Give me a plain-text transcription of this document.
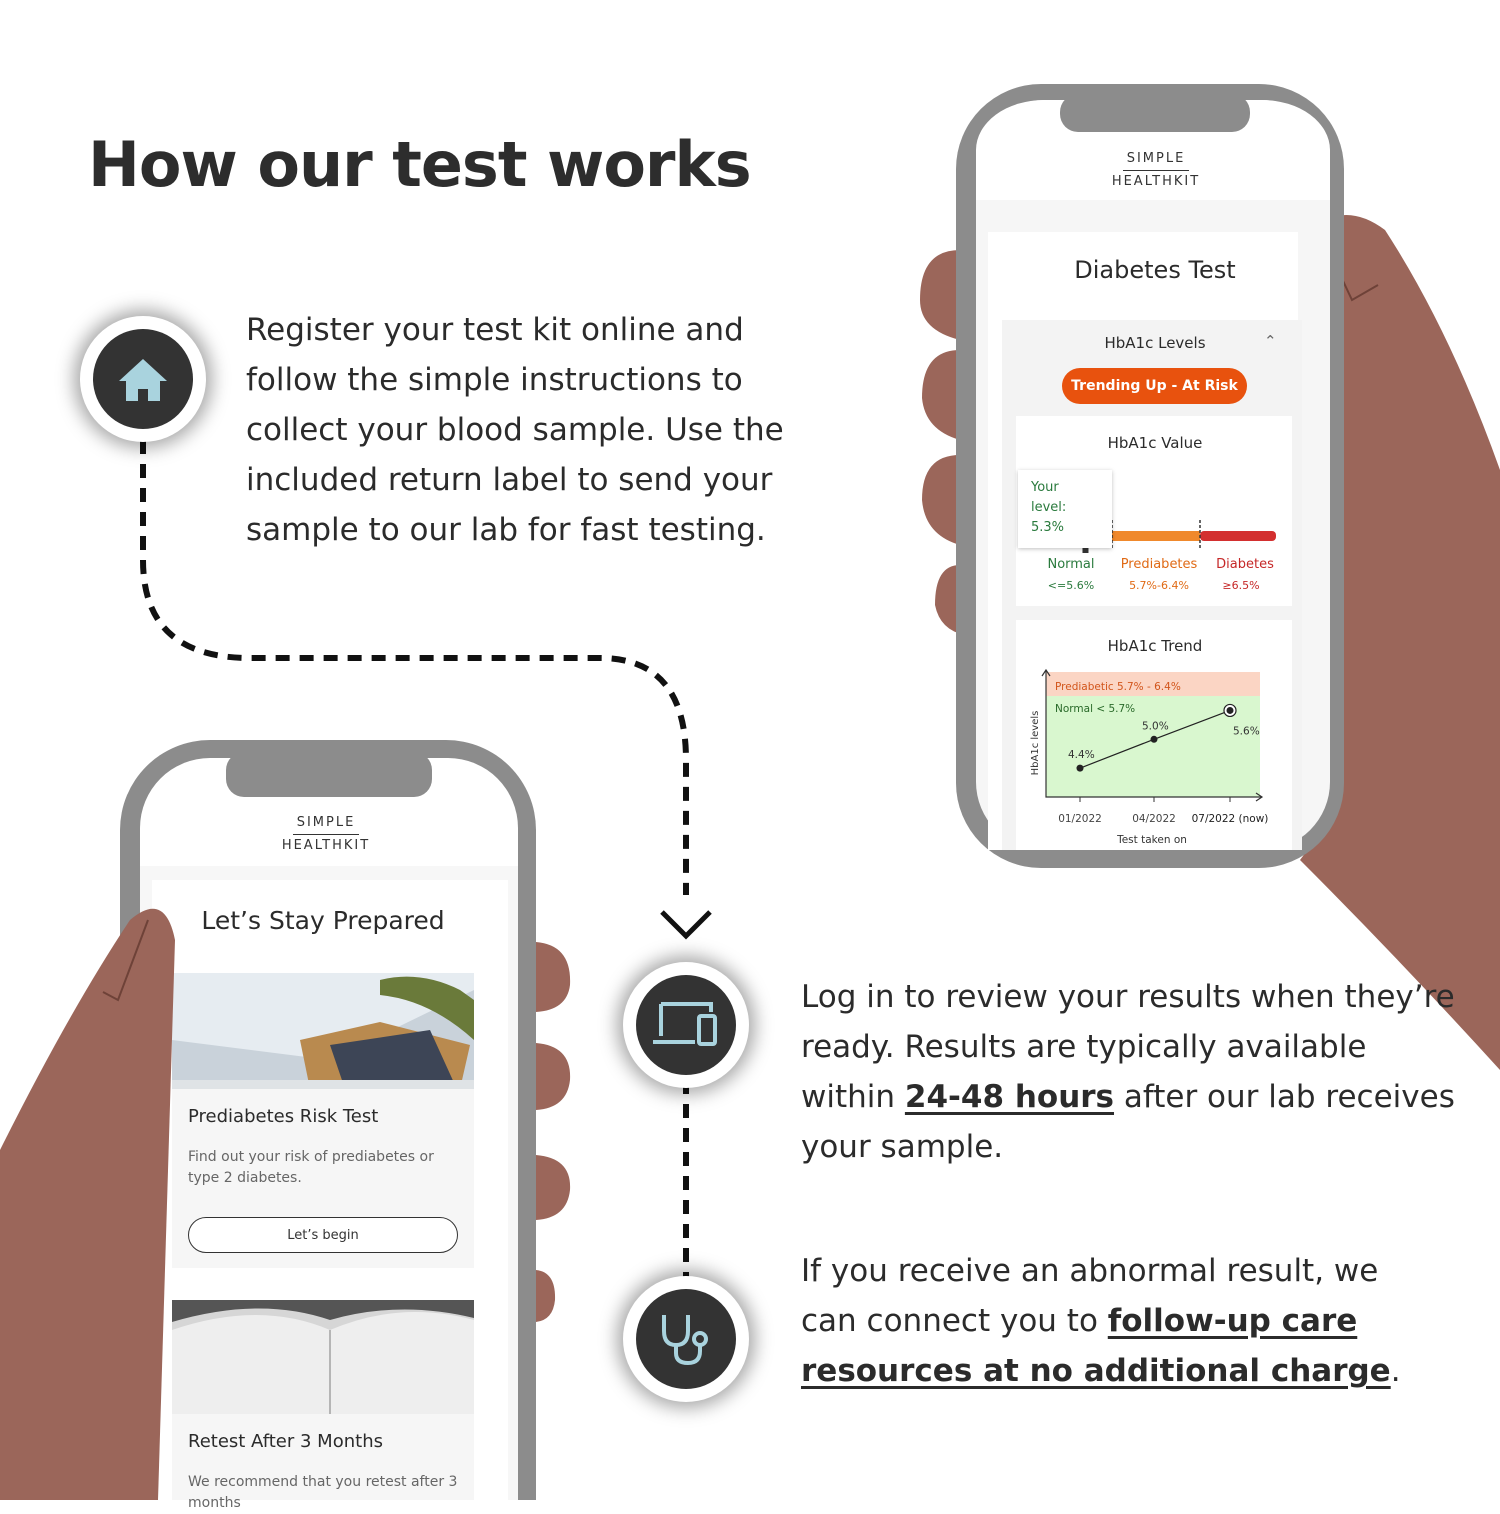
Prediabetic 5.7% - 6.4%
Normal < 5.7%
4.4%
5.0%	5.6%
01/2022	04/2022 07/2022 (now)
Test taken on
HbA1c levels
How our test works
Register your test kit online and follow the simple instructions to collect your blood sample. Use the included return label to send your sample to our lab for fast testing.
Log in to review your results when they’re ready. Results are typically available within 24-48 hours after our lab receives your sample.
If you receive an abnormal result, we can connect you to follow-up care resources at no additional charge.
SIMPLE
HEALTHKIT
Diabetes Test
HbA1c Levels	⌃
Trending Up - At Risk
HbA1c Value
Your level:
5.3%
Normal
<=5.6%
Prediabetes
5.7%-6.4%
Diabetes
≥6.5%
HbA1c Trend
SIMPLE
HEALTHKIT
Let’s Stay Prepared
Prediabetes Risk Test
Find out your risk of prediabetes or type 2 diabetes.
Let’s begin
Retest After 3 Months
We recommend that you retest after 3 months
